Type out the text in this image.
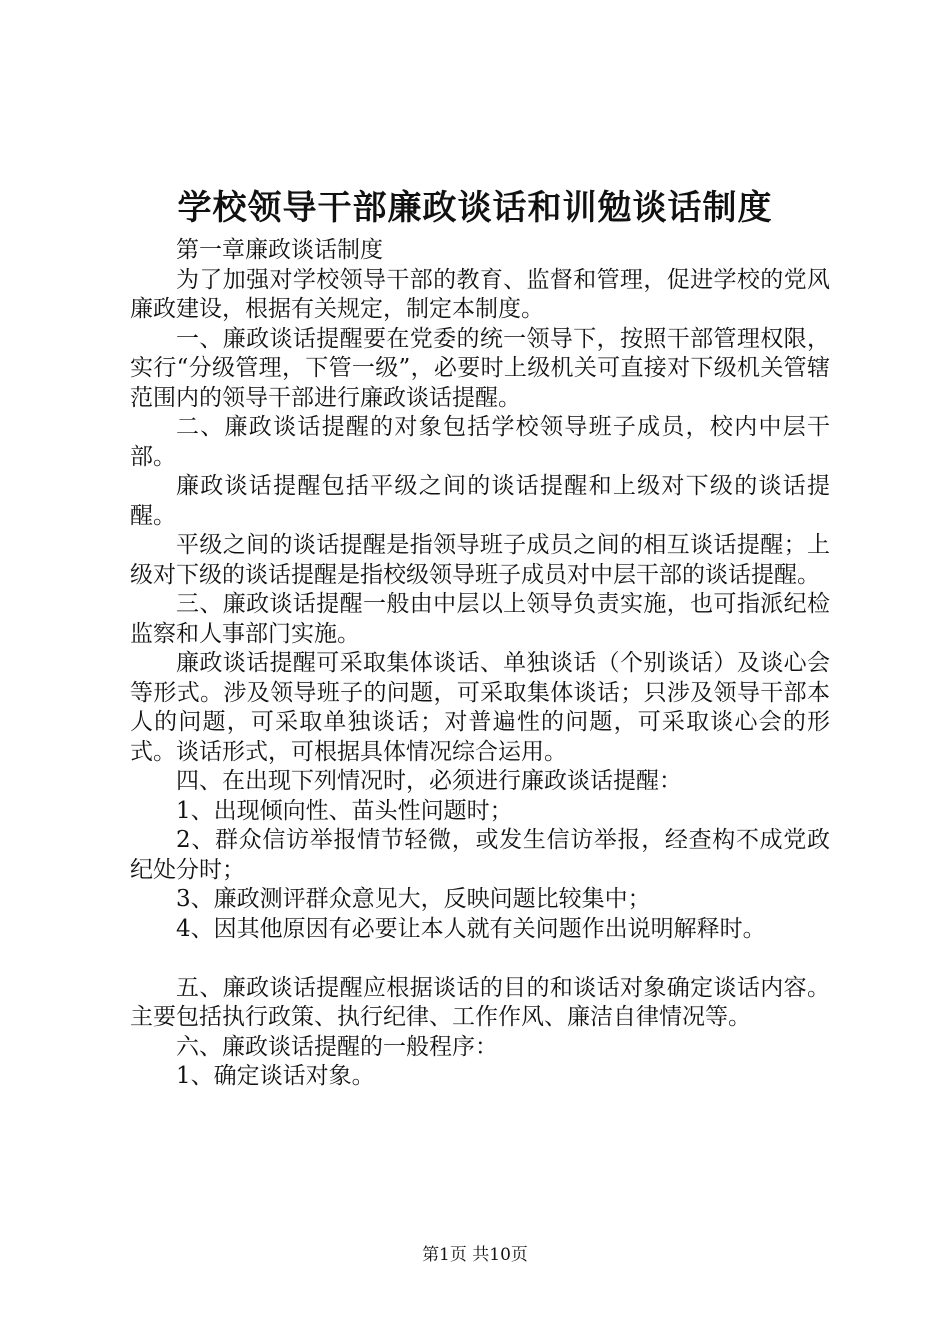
学校领导干部廉政谈话和训勉谈话制度

第一章廉政谈话制度

为了加强对学校领导干部的教育、监督和管理，促进学校的党风廉政建设，根据有关规定，制定本制度。

一、廉政谈话提醒要在党委的统一领导下，按照干部管理权限，实行“分级管理，下管一级”，必要时上级机关可直接对下级机关管辖范围内的领导干部进行廉政谈话提醒。

二、廉政谈话提醒的对象包括学校领导班子成员，校内中层干部。

廉政谈话提醒包括平级之间的谈话提醒和上级对下级的谈话提醒。

平级之间的谈话提醒是指领导班子成员之间的相互谈话提醒；上级对下级的谈话提醒是指校级领导班子成员对中层干部的谈话提醒。

三、廉政谈话提醒一般由中层以上领导负责实施，也可指派纪检监察和人事部门实施。

廉政谈话提醒可采取集体谈话、单独谈话（个别谈话）及谈心会等形式。涉及领导班子的问题，可采取集体谈话；只涉及领导干部本人的问题，可采取单独谈话；对普遍性的问题，可采取谈心会的形式。谈话形式，可根据具体情况综合运用。

四、在出现下列情况时，必须进行廉政谈话提醒：

1、出现倾向性、苗头性问题时；

2、群众信访举报情节轻微，或发生信访举报，经查构不成党政纪处分时；

3、廉政测评群众意见大，反映问题比较集中；

4、因其他原因有必要让本人就有关问题作出说明解释时。

五、廉政谈话提醒应根据谈话的目的和谈话对象确定谈话内容。主要包括执行政策、执行纪律、工作作风、廉洁自律情况等。

六、廉政谈话提醒的一般程序：

1、确定谈话对象。

第1页 共10页
